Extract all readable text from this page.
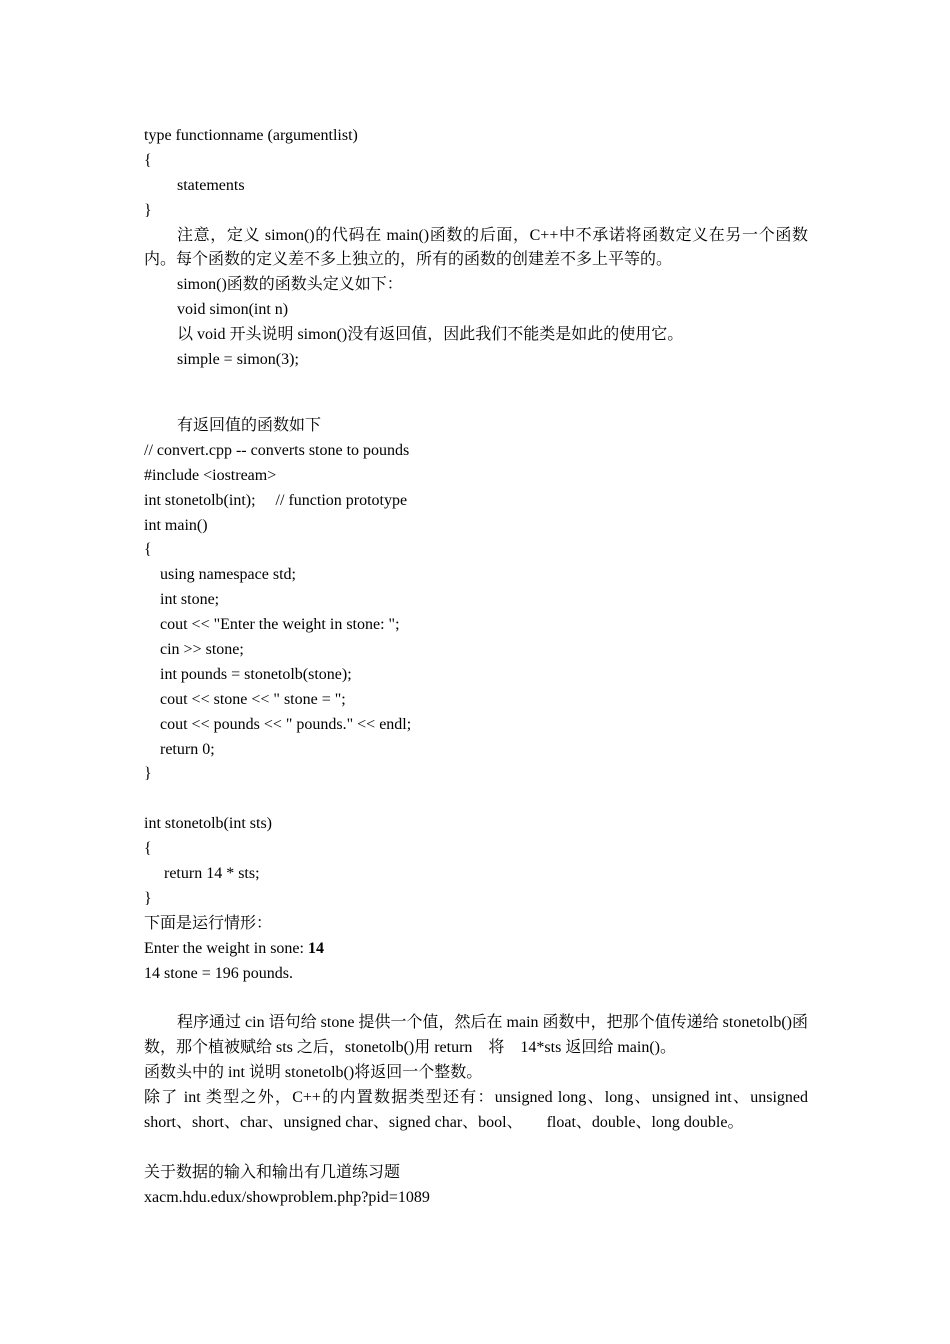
type functionname (argumentlist)
{
statements
}
注意，定义 simon()的代码在 main()函数的后面，C++中不承诺将函数定义在另一个函数内。每个函数的定义差不多上独立的，所有的函数的创建差不多上平等的。
simon()函数的函数头定义如下：
void simon(int n)
以 void 开头说明 simon()没有返回值，因此我们不能类是如此的使用它。
simple = simon(3);
有返回值的函数如下
// convert.cpp -- converts stone to pounds
#include <iostream>
int stonetolb(int);     // function prototype
int main()
{
using namespace std;
int stone;
cout << "Enter the weight in stone: ";
cin >> stone;
int pounds = stonetolb(stone);
cout << stone << " stone = ";
cout << pounds << " pounds." << endl;
return 0;
}
int stonetolb(int sts)
{
return 14 * sts;
}
下面是运行情形：
Enter the weight in sone: 14
14 stone = 196 pounds.
程序通过 cin 语句给 stone 提供一个值，然后在 main 函数中，把那个值传递给 stonetolb()函数，那个植被赋给 sts 之后，stonetolb()用 return　将　14*sts 返回给 main()。
函数头中的 int 说明 stonetolb()将返回一个整数。
除了 int 类型之外，C++的内置数据类型还有：unsigned long、long、unsigned int、unsigned short、short、char、unsigned char、signed char、bool、　　float、double、long double。
关于数据的输入和输出有几道练习题
xacm.hdu.edux/showproblem.php?pid=1089
